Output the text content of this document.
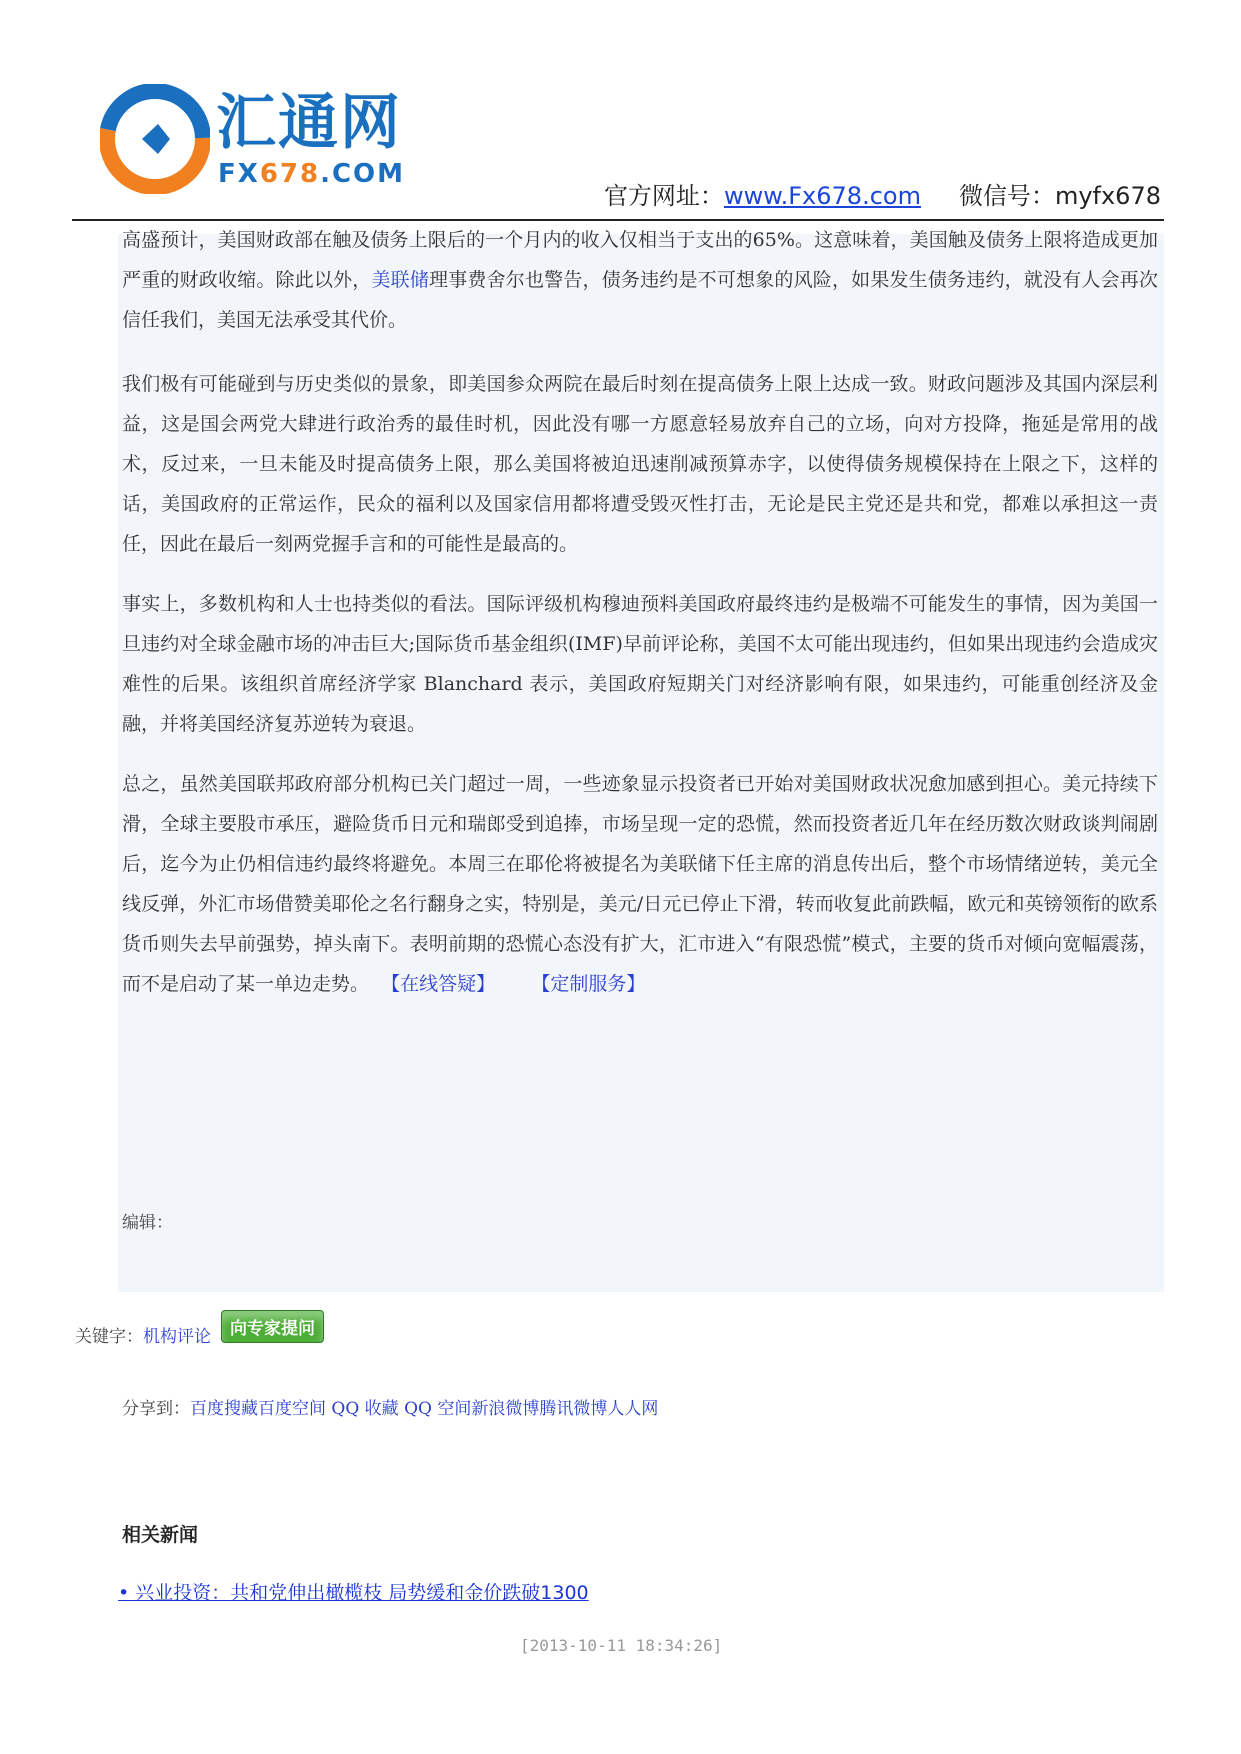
汇通网
FX678.COM
官方网址：www.Fx678.com 微信号：myfx678

高盛预计，美国财政部在触及债务上限后的一个月内的收入仅相当于支出的65%。这意味着，美国触及债务上限将造成更加严重的财政收缩。除此以外，美联储理事费舍尔也警告，债务违约是不可想象的风险，如果发生债务违约，就没有人会再次信任我们，美国无法承受其代价。

我们极有可能碰到与历史类似的景象，即美国参众两院在最后时刻在提高债务上限上达成一致。财政问题涉及其国内深层利益，这是国会两党大肆进行政治秀的最佳时机，因此没有哪一方愿意轻易放弃自己的立场，向对方投降，拖延是常用的战术，反过来，一旦未能及时提高债务上限，那么美国将被迫迅速削减预算赤字，以使得债务规模保持在上限之下，这样的话，美国政府的正常运作，民众的福利以及国家信用都将遭受毁灭性打击，无论是民主党还是共和党，都难以承担这一责任，因此在最后一刻两党握手言和的可能性是最高的。

事实上，多数机构和人士也持类似的看法。国际评级机构穆迪预料美国政府最终违约是极端不可能发生的事情，因为美国一旦违约对全球金融市场的冲击巨大;国际货币基金组织(IMF)早前评论称，美国不太可能出现违约，但如果出现违约会造成灾难性的后果。该组织首席经济学家 Blanchard 表示，美国政府短期关门对经济影响有限，如果违约，可能重创经济及金融，并将美国经济复苏逆转为衰退。

总之，虽然美国联邦政府部分机构已关门超过一周，一些迹象显示投资者已开始对美国财政状况愈加感到担心。美元持续下滑，全球主要股市承压，避险货币日元和瑞郎受到追捧，市场呈现一定的恐慌，然而投资者近几年在经历数次财政谈判闹剧后，迄今为止仍相信违约最终将避免。本周三在耶伦将被提名为美联储下任主席的消息传出后，整个市场情绪逆转，美元全线反弹，外汇市场借赞美耶伦之名行翻身之实，特别是，美元/日元已停止下滑，转而收复此前跌幅，欧元和英镑领衔的欧系货币则失去早前强势，掉头南下。表明前期的恐慌心态没有扩大，汇市进入“有限恐慌”模式，主要的货币对倾向宽幅震荡，而不是启动了某一单边走势。 【在线答疑】 【定制服务】

编辑：
关键字： 机构评论	向专家提问
分享到：百度搜藏百度空间 QQ 收藏 QQ 空间新浪微博腾讯微博人人网
相关新闻
• 兴业投资：共和党伸出橄榄枝 局势缓和金价跌破1300
[2013-10-11 18:34:26]
